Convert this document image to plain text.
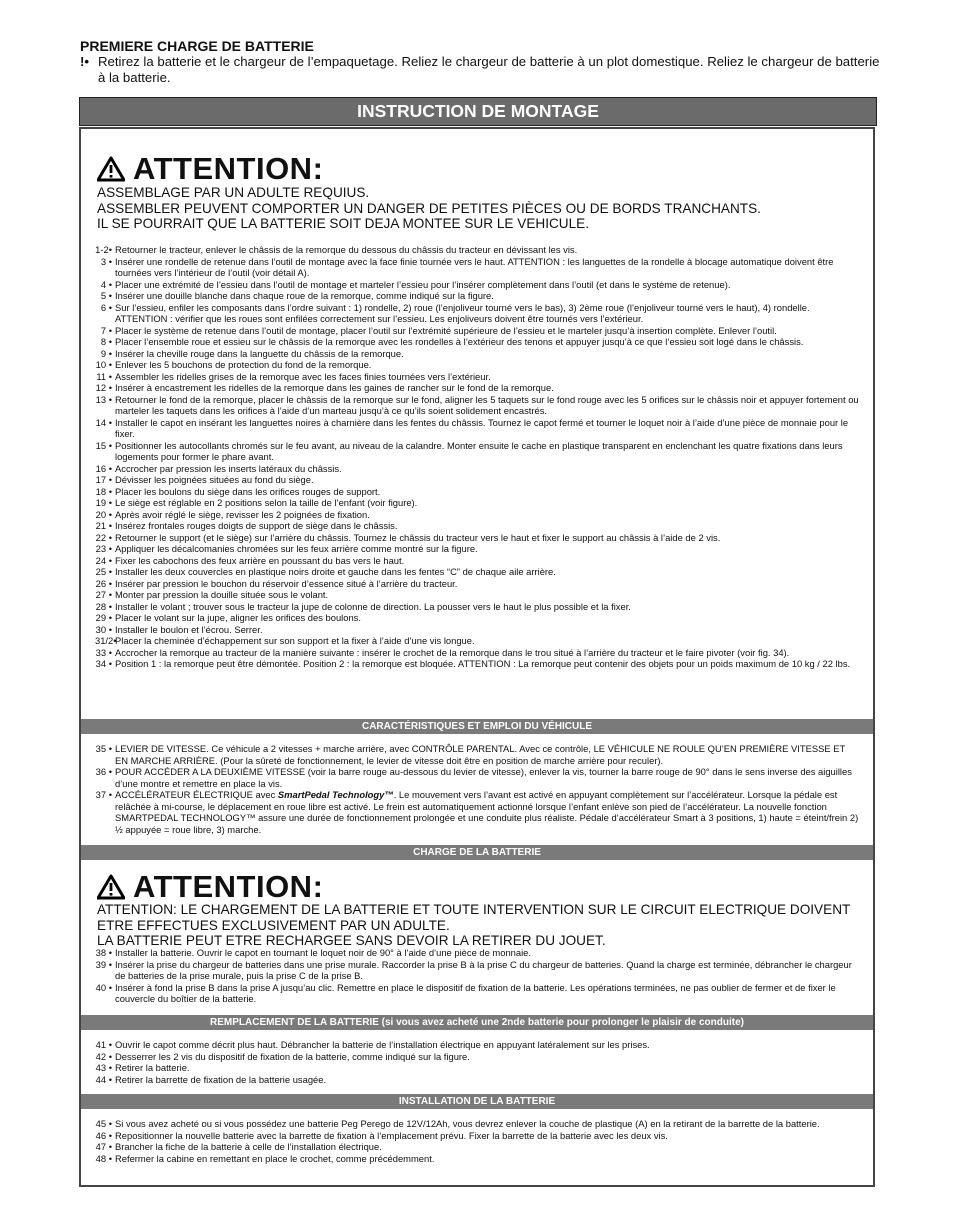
PREMIERE CHARGE DE BATTERIE

!• Retirez la batterie et le chargeur de l’empaquetage. Reliez le chargeur de batterie à un plot domestique. Reliez le chargeur de batterie à la batterie.

INSTRUCTION DE MONTAGE
ATTENTION:
ASSEMBLAGE PAR UN ADULTE REQUIUS.
ASSEMBLER PEUVENT COMPORTER UN DANGER DE PETITES PIÈCES OU DE BORDS TRANCHANTS.
IL SE POURRAIT QUE LA BATTERIE SOIT DEJA MONTEE SUR LE VEHICULE.
1-2• Retourner le tracteur, enlever le châssis de la remorque du dessous du châssis du tracteur en dévissant les vis.
3 • Insérer une rondelle de retenue dans l’outil de montage avec la face finie tournée vers le haut. ATTENTION : les languettes de la rondelle à blocage automatique doivent être tournées vers l’intérieur de l’outil (voir détail A).
4 • Placer une extrémité de l’essieu dans l’outil de montage et marteler l’essieu pour l’insérer complètement dans l’outil (et dans le système de retenue).
5 • Insérer une douille blanche dans chaque roue de la remorque, comme indiqué sur la figure.
6 • Sur l’essieu, enfiler les composants dans l’ordre suivant : 1) rondelle, 2) roue (l’enjoliveur tourné vers le bas), 3) 2ème roue (l’enjoliveur tourné vers le haut), 4) rondelle. ATTENTION : vérifier que les roues sont enfilées correctement sur l’essieu. Les enjoliveurs doivent être tournés vers l’extérieur.
7 • Placer le système de retenue dans l’outil de montage, placer l’outil sur l’extrémité supérieure de l’essieu et le marteler jusqu’à insertion complète. Enlever l’outil.
8 • Placer l’ensemble roue et essieu sur le châssis de la remorque avec les rondelles à l’extérieur des tenons et appuyer jusqu’à ce que l’essieu soit logé dans le châssis.
9 • Insérer la cheville rouge dans la languette du châssis de la remorque.
10 • Enlever les 5 bouchons de protection du fond de la remorque.
11 • Assembler les ridelles grises de la remorque avec les faces finies tournées vers l’extérieur.
12 • Insérer à encastrement les ridelles de la remorque dans les gaines de rancher sur le fond de la remorque.
13 • Retourner le fond de la remorque, placer le châssis de la remorque sur le fond, aligner les 5 taquets sur le fond rouge avec les 5 orifices sur le châssis noir et appuyer fortement ou marteler les taquets dans les orifices à l’aide d’un marteau jusqu’à ce qu’ils soient solidement encastrés.
14 • Installer le capot en insérant les languettes noires à charnière dans les fentes du châssis. Tournez le capot fermé et tourner le loquet noir à l’aide d’une pièce de monnaie pour le fixer.
15 • Positionner les autocollants chromés sur le feu avant, au niveau de la calandre. Monter ensuite le cache en plastique transparent en enclenchant les quatre fixations dans leurs logements pour former le phare avant.
16 • Accrocher par pression les inserts latéraux du châssis.
17 • Dévisser les poignées situées au fond du siège.
18 • Placer les boulons du siège dans les orifices rouges de support.
19 • Le siège est réglable en 2 positions selon la taille de l’enfant (voir figure).
20 • Après avoir réglé le siège, revisser les 2 poignées de fixation.
21 • Insérez frontales rouges doigts de support de siège dans le châssis.
22 • Retourner le support (et le siège) sur l’arrière du châssis. Tournez le châssis du tracteur vers le haut et fixer le support au châssis à l’aide de 2 vis.
23 • Appliquer les décalcomanies chromées sur les feux arrière comme montré sur la figure.
24 • Fixer les cabochons des feux arrière en poussant du bas vers le haut.
25 • Installer les deux couvercles en plastique noirs droite et gauche dans les fentes “C” de chaque aile arrière.
26 • Insérer par pression le bouchon du réservoir d’essence situé à l’arrière du tracteur.
27 • Monter par pression la douille située sous le volant.
28 • Installer le volant ; trouver sous le tracteur la jupe de colonne de direction. La pousser vers le haut le plus possible et la fixer.
29 • Placer le volant sur la jupe, aligner les orifices des boulons.
30 • Installer le boulon et l’écrou. Serrer.
31/2•
Placer la cheminée d’échappement sur son support et la fixer à l’aide d’une vis longue.
33 • Accrocher la remorque au tracteur de la manière suivante : insérer le crochet de la remorque dans le trou situé à l’arrière du tracteur et le faire pivoter (voir fig. 34).
34 • Position 1 : la remorque peut être démontée. Position 2 : la remorque est bloquée. ATTENTION : La remorque peut contenir des objets pour un poids maximum de 10 kg / 22 lbs.
CARACTÉRISTIQUES ET EMPLOI DU VÉHICULE
35 • LEVIER DE VITESSE. Ce véhicule a 2 vitesses + marche arrière, avec CONTRÔLE PARENTAL. Avec ce contrôle, LE VÉHICULE NE ROULE QU’EN PREMIÈRE VITESSE ET EN MARCHE ARRIÈRE. (Pour la sûreté de fonctionnement, le levier de vitesse doit être en position de marche arrière pour reculer).
36 • POUR ACCÉDER A LA DEUXIÈME VITESSE (voir la barre rouge au-dessous du levier de vitesse), enlever la vis, tourner la barre rouge de 90° dans le sens inverse des aiguilles d’une montre et remettre en place la vis.
37 • ACCÉLÉRATEUR ÉLECTRIQUE avec SmartPedal Technology™. Le mouvement vers l’avant est activé en appuyant complètement sur l’accélérateur. Lorsque la pédale est relâchée à mi-course, le déplacement en roue libre est activé. Le frein est automatiquement actionné lorsque l’enfant enlève son pied de l’accélérateur. La nouvelle fonction SMARTPEDAL TECHNOLOGY™ assure une durée de fonctionnement prolongée et une conduite plus réaliste. Pédale d’accélérateur Smart à 3 positions, 1) haute = éteint/frein 2) ½ appuyée = roue libre, 3) marche.
CHARGE DE LA BATTERIE
ATTENTION:
ATTENTION: LE CHARGEMENT DE LA BATTERIE ET TOUTE INTERVENTION SUR LE CIRCUIT ELECTRIQUE DOIVENT ETRE EFFECTUES EXCLUSIVEMENT PAR UN ADULTE.
LA BATTERIE PEUT ETRE RECHARGEE SANS DEVOIR LA RETIRER DU JOUET.
38 • Installer la batterie. Ouvrir le capot en tournant le loquet noir de 90° à l’aide d’une pièce de monnaie.
39 • Insérer la prise du chargeur de batteries dans une prise murale. Raccorder la prise B à la prise C du chargeur de batteries. Quand la charge est terminée, débrancher le chargeur de batteries de la prise murale, puis la prise C de la prise B.
40 • Insérer à fond la prise B dans la prise A jusqu’au clic. Remettre en place le dispositif de fixation de la batterie. Les opérations terminées, ne pas oublier de fermer et de fixer le couvercle du boîtier de la batterie.
REMPLACEMENT DE LA BATTERIE (si vous avez acheté une 2nde batterie pour prolonger le plaisir de conduite)
41 • Ouvrir le capot comme décrit plus haut. Débrancher la batterie de l’installation électrique en appuyant latéralement sur les prises.
42 • Desserrer les 2 vis du dispositif de fixation de la batterie, comme indiqué sur la figure.
43 • Retirer la batterie.
44 • Retirer la barrette de fixation de la batterie usagée.
INSTALLATION DE LA BATTERIE
45 • Si vous avez acheté ou si vous possédez une batterie Peg Perego de 12V/12Ah, vous devrez enlever la couche de plastique (A) en la retirant de la barrette de la batterie.
46 • Repositionner la nouvelle batterie avec la barrette de fixation à l’emplacement prévu. Fixer la barrette de la batterie avec les deux vis.
47 • Brancher la fiche de la batterie à celle de l’installation électrique.
48 • Refermer la cabine en remettant en place le crochet, comme précédemment.
